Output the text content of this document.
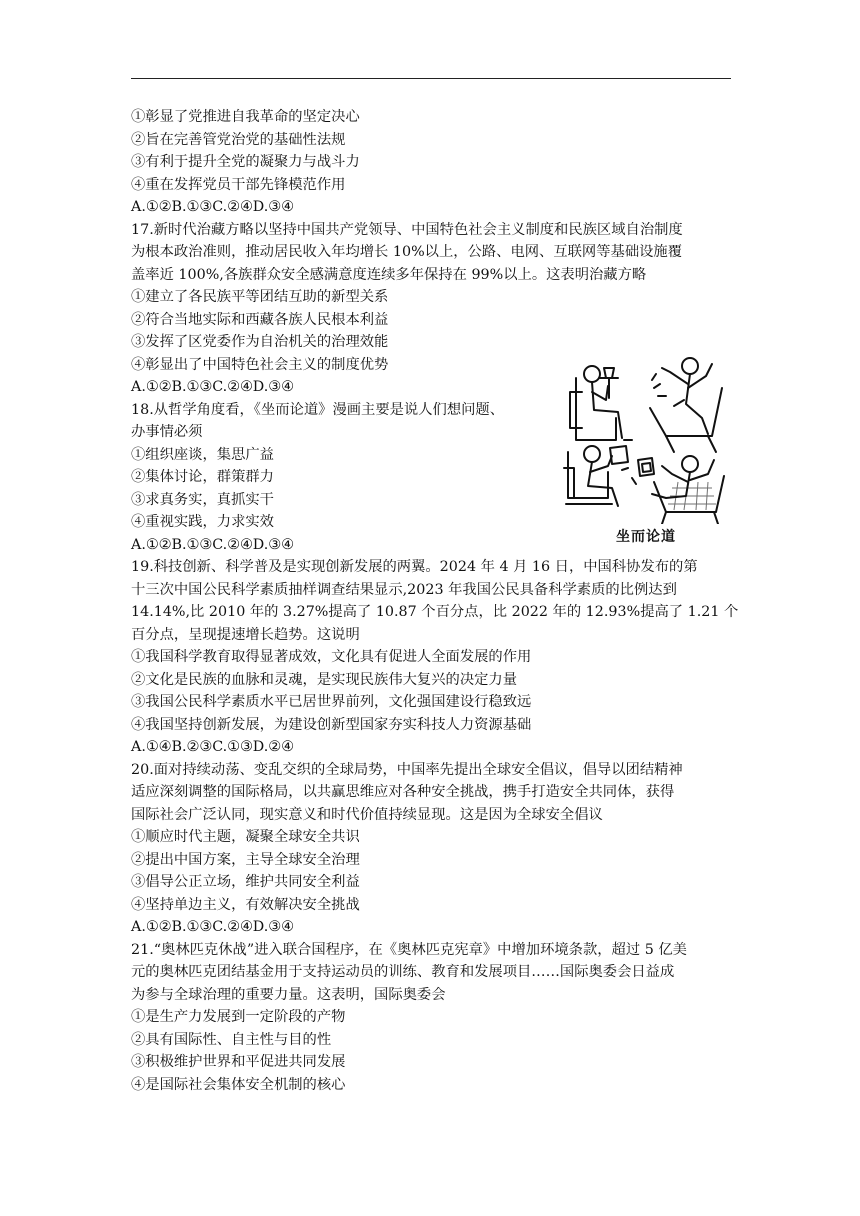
①彰显了党推进自我革命的坚定决心
②旨在完善管党治党的基础性法规
③有利于提升全党的凝聚力与战斗力
④重在发挥党员干部先锋模范作用
A.①②B.①③C.②④D.③④
17.新时代治藏方略以坚持中国共产党领导、中国特色社会主义制度和民族区域自治制度
为根本政治准则，推动居民收入年均增长 10%以上，公路、电网、互联网等基础设施覆
盖率近 100%,各族群众安全感满意度连续多年保持在 99%以上。这表明治藏方略
①建立了各民族平等团结互助的新型关系
②符合当地实际和西藏各族人民根本利益
③发挥了区党委作为自治机关的治理效能
④彰显出了中国特色社会主义的制度优势
A.①②B.①③C.②④D.③④
18.从哲学角度看，《坐而论道》漫画主要是说人们想问题、
办事情必须
①组织座谈，集思广益
②集体讨论，群策群力
③求真务实，真抓实干
④重视实践，力求实效
A.①②B.①③C.②④D.③④
19.科技创新、科学普及是实现创新发展的两翼。2024 年 4 月 16 日，中国科协发布的第
十三次中国公民科学素质抽样调查结果显示,2023 年我国公民具备科学素质的比例达到
14.14%,比 2010 年的 3.27%提高了 10.87 个百分点，比 2022 年的 12.93%提高了 1.21 个
百分点，呈现提速增长趋势。这说明
①我国科学教育取得显著成效，文化具有促进人全面发展的作用
②文化是民族的血脉和灵魂，是实现民族伟大复兴的决定力量
③我国公民科学素质水平已居世界前列，文化强国建设行稳致远
④我国坚持创新发展，为建设创新型国家夯实科技人力资源基础
A.①④B.②③C.①③D.②④
20.面对持续动荡、变乱交织的全球局势，中国率先提出全球安全倡议，倡导以团结精神
适应深刻调整的国际格局，以共赢思维应对各种安全挑战，携手打造安全共同体，获得
国际社会广泛认同，现实意义和时代价值持续显现。这是因为全球安全倡议
①顺应时代主题，凝聚全球安全共识
②提出中国方案，主导全球安全治理
③倡导公正立场，维护共同安全利益
④坚持单边主义，有效解决安全挑战
A.①②B.①③C.②④D.③④
21.“奥林匹克休战”进入联合国程序，在《奥林匹克宪章》中增加环境条款，超过 5 亿美
元的奥林匹克团结基金用于支持运动员的训练、教育和发展项目……国际奥委会日益成
为参与全球治理的重要力量。这表明，国际奥委会
①是生产力发展到一定阶段的产物
②具有国际性、自主性与目的性
③积极维护世界和平促进共同发展
④是国际社会集体安全机制的核心
坐而论道
